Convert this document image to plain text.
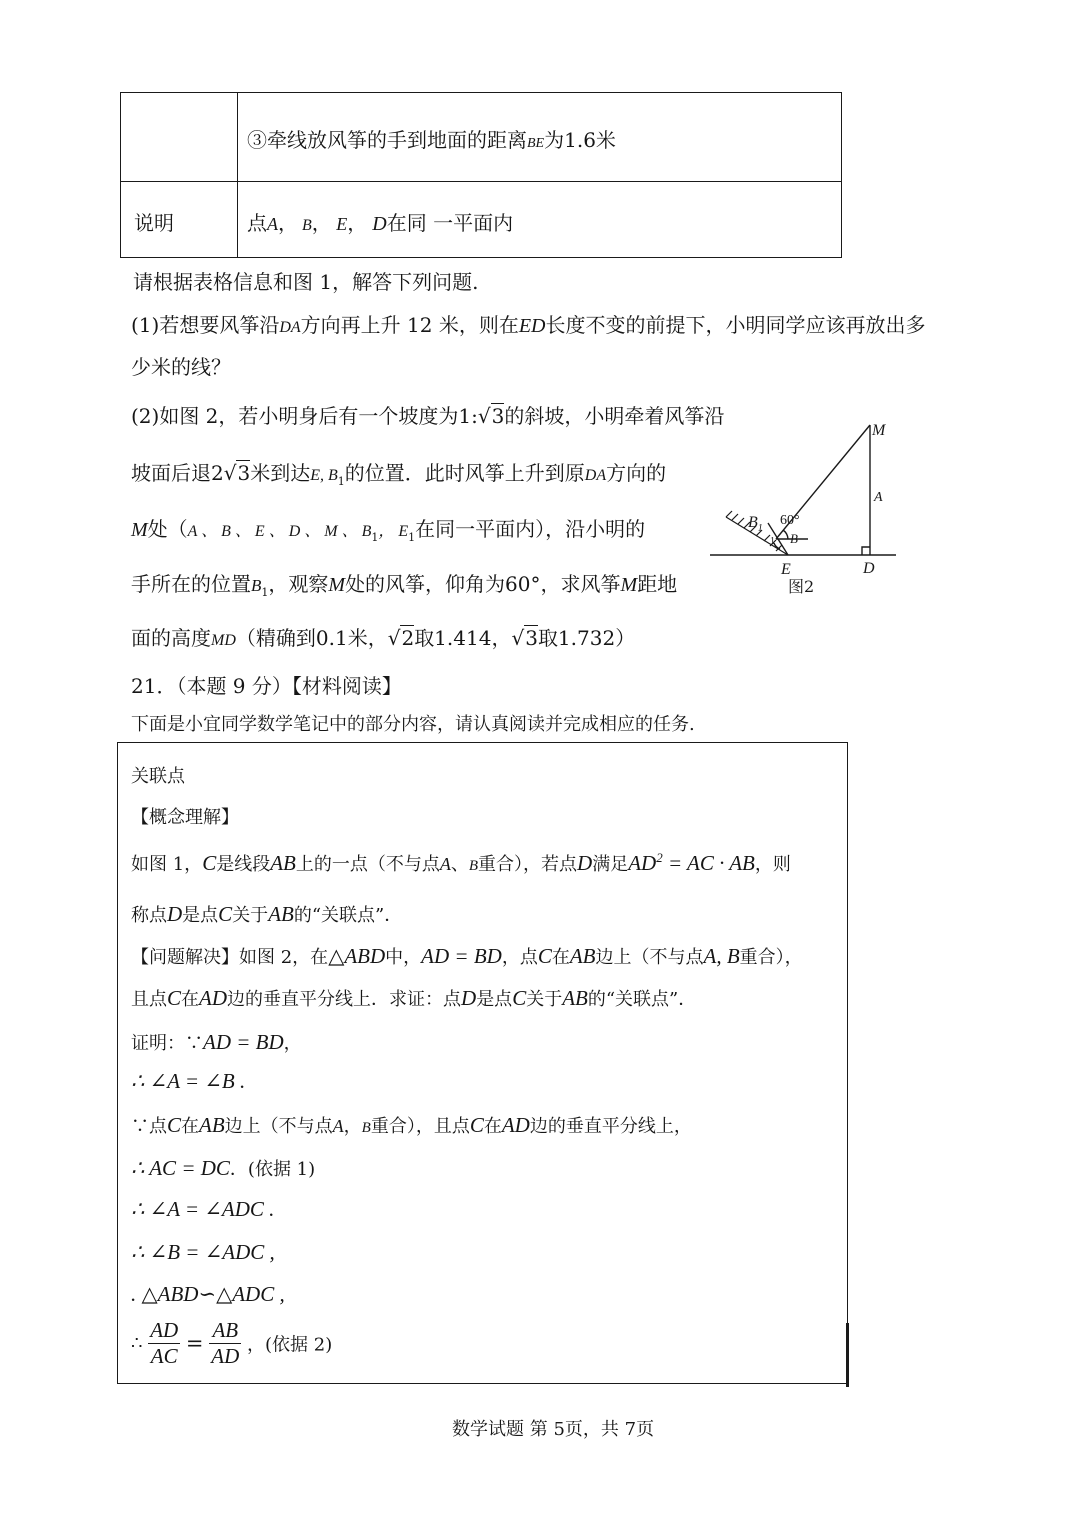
③牵线放风筝的手到地面的距离BE为1.6米
说明	点A， B， E， D在同 一平面内
请根据表格信息和图 1，解答下列问题.
(1)若想要风筝沿DA方向再上升 12 米，则在ED长度不变的前提下，小明同学应该再放出多
少米的线？
(2)如图 2，若小明身后有一个坡度为1:√3的斜坡，小明牵着风筝沿
坡面后退2√3米到达E, $B_1$的位置．此时风筝上升到原DA方向的
M处（A 、 B 、 E 、 D 、 M 、 $B_1$， $E_1$在同一平面内），沿小明的
手所在的位置$B_1$，观察M处的风筝，仰角为60°，求风筝M距地
面的高度MD（精确到0.1米，√2取1.414，√3取1.732）
M
A
$B_1$
B
E	D
60°
1
图2
21．（本题 9 分）【材料阅读】
下面是小宜同学数学笔记中的部分内容，请认真阅读并完成相应的任务.
关联点
【概念理解】
如图 1，C是线段AB上的一点（不与点A、B重合），若点D满足$AD^2$ = AC · AB，则
称点D是点C关于AB的“关联点”．
【问题解决】如图 2，在△ABD中，AD = BD，点C在AB边上（不与点A, B重合），
且点C在AD边的垂直平分线上．求证：点D是点C关于AB的“关联点”．
证明：∵AD = BD，
∴ ∠A = ∠B .
∵点C在AB边上（不与点A，B重合），且点C在AD边的垂直平分线上，
∴ AC = DC．(依据 1)
∴ ∠A = ∠ADC .
∴ ∠B = ∠ADC ,
. △ABD∽△ADC ,
∴ $\frac{AD}{AC} = \frac{AB}{AD}$ ，(依据 2)
数学试题 第 5页，共 7页
